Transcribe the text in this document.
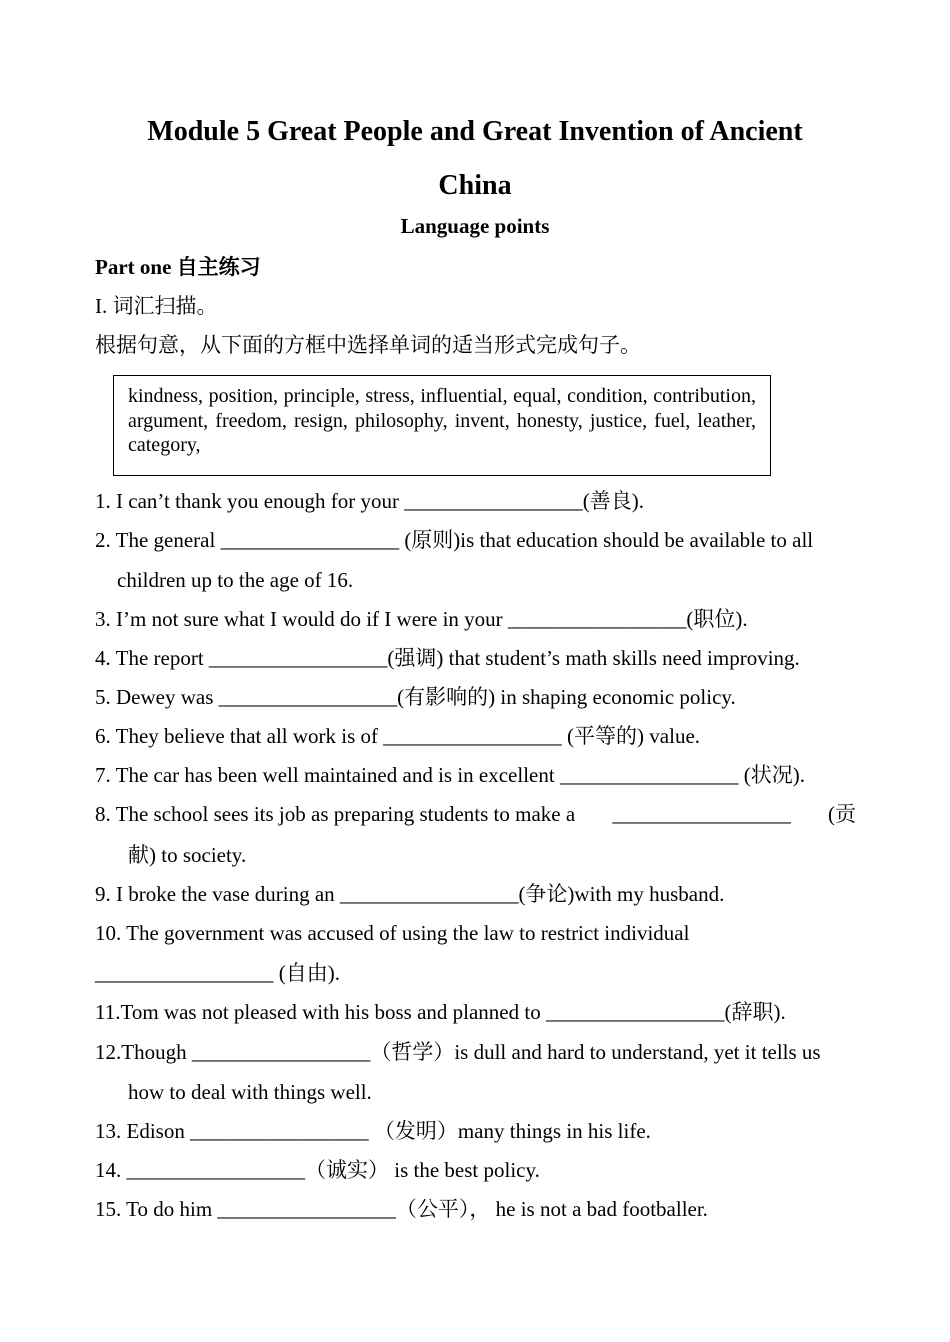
Module 5 Great People and Great Invention of Ancient
China
Language points
Part one 自主练习
I. 词汇扫描。
根据句意，从下面的方框中选择单词的适当形式完成句子。
kindness, position, principle, stress, influential, equal, condition, contribution, argument, freedom, resign, philosophy, invent, honesty, justice, fuel, leather, category,
1. I can’t thank you enough for your _________________(善良).
2. The general _________________ (原则)is that education should be available to all
children up to the age of 16.
3. I’m not sure what I would do if I were in your _________________(职位).
4. The report _________________(强调) that student’s math skills need improving.
5. Dewey was _________________(有影响的) in shaping economic policy.
6. They believe that all work is of _________________ (平等的) value.
7. The car has been well maintained and is in excellent _________________ (状况).
8. The school sees its job as preparing students to make a _________________ (贡
献) to society.
9. I broke the vase during an _________________(争论)with my husband.
10. The government was accused of using the law to restrict individual
_________________ (自由).
11.Tom was not pleased with his boss and planned to _________________(辞职).
12.Though _________________（哲学）is dull and hard to understand, yet it tells us
how to deal with things well.
13. Edison _________________ （发明）many things in his life.
14. _________________（诚实） is the best policy.
15. To do him _________________（公平）， he is not a bad footballer.
